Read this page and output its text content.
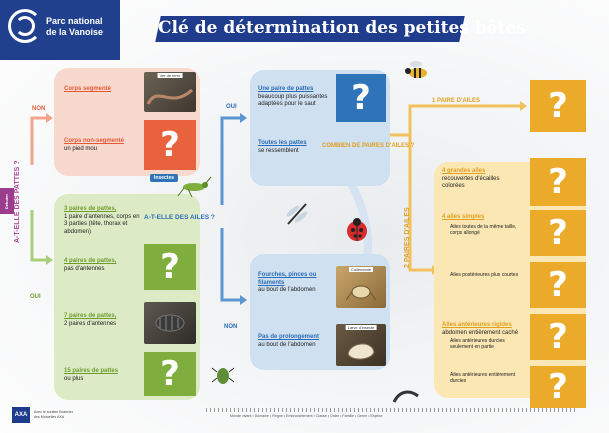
Parc national
de la Vanoise	Clé de détermination des petites bêtes
Débuter A-T-ELLE DES PATTES ?
NON
OUI
Corps segmenté
Ver de terre
Corps non-segmenté
un pied mou	?
3 paires de pattes,
1 paire d'antennes, corps en 3 parties (tête, thorax et abdomen)
4 paires de pattes,
pas d'antennes	?
7 paires de pattes,
2 paires d'antennes
15 paires de pattes
ou plus	?
Insectes
A-T-ELLE DES AILES ?
OUI
NON
Une paire de pattes
beaucoup plus puissantes adaptées pour le saut	?
Toutes les pattes
se ressemblent
COMBIEN DE PAIRES D'AILES ?
Fourches, pinces ou filaments
au bout de l'abdomen
Collembole
Pas de prolongement
au bout de l'abdomen
Larve d'insecte
1 PAIRE D'AILES
2 PAIRES D'AILES
?
4 grandes ailes
recouvertes d'écailles colorées	?
4 ailes simples
Ailes toutes de la même taille, corps allongé	?
Ailes postérieures plus courtes ?
Ailes antérieures rigides
abdomen entièrement caché
Ailes antérieures durcies seulement en partie	?
Ailes antérieures entièrement durcies	?
AXA	Avec le soutien financier
des Mutuelles AXA	Monde vivant • Domaine • Règne • Embranchement • Classe • Ordre • Famille • Genre • Espèce
